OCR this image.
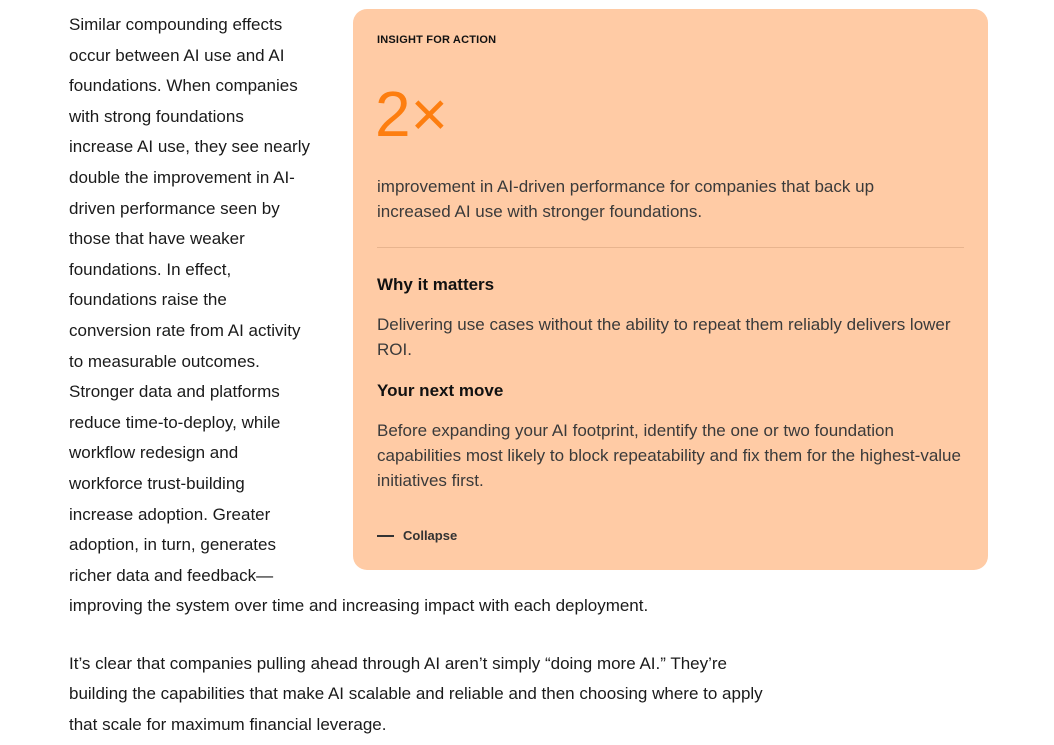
Similar compounding effects
occur between AI use and AI
foundations. When companies
with strong foundations
increase AI use, they see nearly
double the improvement in AI-
driven performance seen by
those that have weaker
foundations. In effect,
foundations raise the
conversion rate from AI activity
to measurable outcomes.
Stronger data and platforms
reduce time-to-deploy, while
workflow redesign and
workforce trust-building
increase adoption. Greater
adoption, in turn, generates
richer data and feedback—

improving the system over time and increasing impact with each deployment.

It’s clear that companies pulling ahead through AI aren’t simply “doing more AI.” They’re
building the capabilities that make AI scalable and reliable and then choosing where to apply
that scale for maximum financial leverage.
INSIGHT FOR ACTION
2×

improvement in AI-driven performance for companies that back up increased AI use with stronger foundations.

Why it matters

Delivering use cases without the ability to repeat them reliably delivers lower ROI.

Your next move

Before expanding your AI footprint, identify the one or two foundation capabilities most likely to block repeatability and fix them for the highest-value initiatives first.

Collapse
